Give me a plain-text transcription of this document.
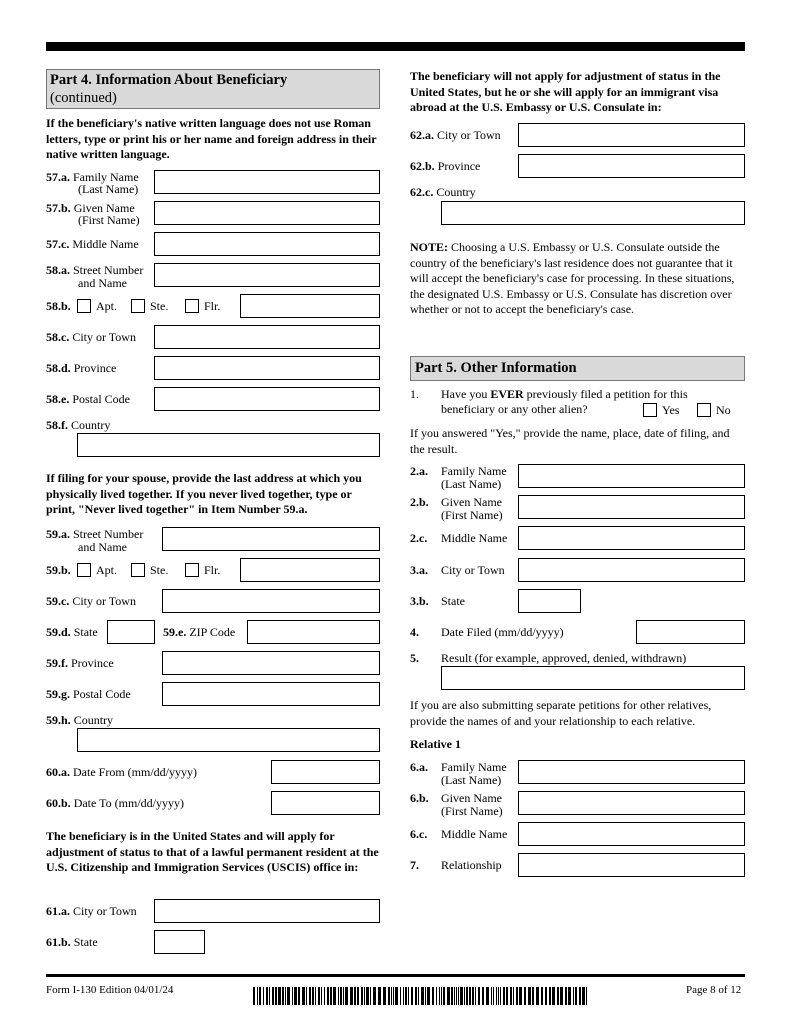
Part 4. Information About Beneficiary
(continued)
If the beneficiary's native written language does not use Roman letters, type or print his or her name and foreign address in their native written language.
57.a. Family Name
(Last Name)
57.b. Given Name
(First Name)
57.c. Middle Name
58.a. Street Number
and Name
58.b. Apt.	Ste.	Flr.
58.c. City or Town
58.d. Province
58.e. Postal Code
58.f. Country
If filing for your spouse, provide the last address at which you physically lived together. If you never lived together, type or print, "Never lived together" in Item Number 59.a.
59.a. Street Number
and Name
59.b. Apt.	Ste.	Flr.
59.c. City or Town
59.d. State	59.e. ZIP Code
59.f. Province
59.g. Postal Code
59.h. Country
60.a. Date From (mm/dd/yyyy)
60.b. Date To (mm/dd/yyyy)
The beneficiary is in the United States and will apply for adjustment of status to that of a lawful permanent resident at the U.S. Citizenship and Immigration Services (USCIS) office in:
61.a. City or Town
61.b. State
The beneficiary will not apply for adjustment of status in the United States, but he or she will apply for an immigrant visa abroad at the U.S. Embassy or U.S. Consulate in:
62.a. City or Town
62.b. Province
62.c. Country
NOTE: Choosing a U.S. Embassy or U.S. Consulate outside the country of the beneficiary's last residence does not guarantee that it will accept the beneficiary's case for processing. In these situations, the designated U.S. Embassy or U.S. Consulate has discretion over whether or not to accept the beneficiary's case.
Part 5. Other Information
1. Have you EVER previously filed a petition for this
beneficiary or any other alien?	Yes	No
If you answered "Yes," provide the name, place, date of filing, and the result.
2.a. Family Name
(Last Name)
2.b. Given Name
(First Name)
2.c. Middle Name
3.a. City or Town
3.b. State
4. Date Filed (mm/dd/yyyy)
5. Result (for example, approved, denied, withdrawn)
If you are also submitting separate petitions for other relatives, provide the names of and your relationship to each relative.
Relative 1
6.a. Family Name
(Last Name)
6.b. Given Name
(First Name)
6.c. Middle Name
7. Relationship
Form I-130 Edition 04/01/24	Page 8 of 12
